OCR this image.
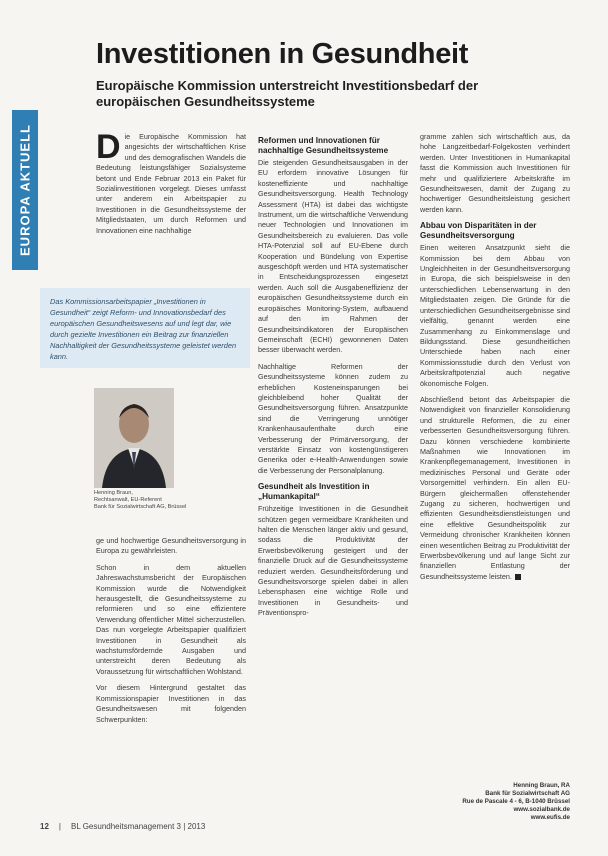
EUROPA AKTUELL
Investitionen in Gesundheit
Europäische Kommission unterstreicht Investitionsbedarf der europäischen Gesundheitssysteme

Die Europäische Kommission hat angesichts der wirtschaftlichen Krise und des demografischen Wandels die Bedeutung leistungsfähiger Sozialsysteme betont und Ende Februar 2013 ein Paket für Sozialinvestitionen vorgelegt. Dieses umfasst unter anderem ein Arbeitspapier zu Investitionen in die Gesundheitssysteme der Mitgliedstaaten, um durch Reformen und Innovationen eine nachhaltige

Das Kommissionsarbeitspapier „Investitionen in Gesundheit“ zeigt Reform- und Innovationsbedarf des europäischen Gesundheitswesens auf und legt dar, wie durch gezielte Investitionen ein Beitrag zur finanziellen Nachhaltigkeit der Gesundheitssysteme geleistet werden kann.
Henning Braun,
Rechtsanwalt, EU-Referent
Bank für Sozialwirtschaft AG, Brüssel

ge und hochwertige Gesundheitsversorgung in Europa zu gewährleisten.

Schon in dem aktuellen Jahreswachstumsbericht der Europäischen Kommission wurde die Notwendigkeit herausgestellt, die Gesundheitssysteme zu reformieren und so eine effizientere Verwendung öffentlicher Mittel sicherzustellen. Das nun vorgelegte Arbeitspapier qualifiziert Investitionen in Gesundheit als wachstumsfördernde Ausgaben und unterstreicht deren Bedeutung als Voraussetzung für wirtschaftlichen Wohlstand.

Vor diesem Hintergrund gestaltet das Kommissionspapier Investitionen in das Gesundheitswesen mit folgenden Schwerpunkten:

Reformen und Innovationen für nachhaltige Gesundheitssysteme

Die steigenden Gesundheitsausgaben in der EU erfordern innovative Lösungen für kosteneffiziente und nachhaltige Gesundheitsversorgung. Health Technology Assessment (HTA) ist dabei das wichtigste Instrument, um die wirtschaftliche Verwendung neuer Technologien und Innovationen im Gesundheitsbereich zu evaluieren. Das volle HTA-Potenzial soll auf EU-Ebene durch Kooperation und Bündelung von Expertise ausgeschöpft werden und HTA systematischer in Entscheidungsprozessen eingesetzt werden. Auch soll die Ausgabeneffizienz der europäischen Gesundheitssysteme durch ein europäisches Monitoring-System, aufbauend auf den im Rahmen der Gesundheitsindikatoren der Europäischen Gemeinschaft (ECHI) gewonnenen Daten besser überwacht werden.

Nachhaltige Reformen der Gesundheitssysteme können zudem zu erheblichen Kosteneinsparungen bei gleichbleibend hoher Qualität der Gesundheitsversorgung führen. Ansatzpunkte sind die Verringerung unnötiger Krankenhausaufenthalte durch eine Verbesserung der Primärversorgung, der verstärkte Einsatz von kostengünstigeren Generika oder e-Health-Anwendungen sowie die Verbesserung der Personalplanung.

Gesundheit als Investition in „Humankapital“

Frühzeitige Investitionen in die Gesundheit schützen gegen vermeidbare Krankheiten und halten die Menschen länger aktiv und gesund, sodass die Produktivität der Erwerbsbevölkerung gesteigert und der finanzielle Druck auf die Gesundheitssysteme reduziert werden. Gesundheitsförderung und Gesundheitsvorsorge spielen dabei in allen Lebensphasen eine wichtige Rolle und Investitionen in Gesundheits- und Präventionspro-

gramme zahlen sich wirtschaftlich aus, da hohe Langzeitbedarf-Folgekosten verhindert werden. Unter Investitionen in Humankapital fasst die Kommission auch Investitionen für mehr und qualifiziertere Arbeitskräfte im Gesundheitswesen, damit der Zugang zu hochwertiger Gesundheitsleistung gesichert werden kann.

Abbau von Disparitäten in der Gesundheitsversorgung

Einen weiteren Ansatzpunkt sieht die Kommission bei dem Abbau von Ungleichheiten in der Gesundheitsversorgung in Europa, die sich beispielsweise in den unterschiedlichen Lebenserwartung in den Mitgliedstaaten zeigen. Die Gründe für die unterschiedlichen Gesundheitsergebnisse sind vielfältig, genannt werden eine Zusammenhang zu Einkommenslage und Bildungsstand. Diese gesundheitlichen Unterschiede haben nach einer Kommissionsstudie durch den Verlust von Arbeitskraftpotenzial auch negative ökonomische Folgen.

Abschließend betont das Arbeitspapier die Notwendigkeit von finanzieller Konsolidierung und strukturelle Reformen, die zu einer verbesserten Gesundheitsversorgung führen. Dazu können verschiedene kombinierte Maßnahmen wie Innovationen im Krankenpflegemanagement, Investitionen in medizinisches Personal und Geräte oder Vorsorgemittel verhindern. Ein allen EU-Bürgern gleichermaßen offenstehender Zugang zu sicheren, hochwertigen und effizienten Gesundheitsdienstleistungen und eine effektive Gesundheitspolitik zur Vermeidung chronischer Krankheiten können einen wesentlichen Beitrag zu Produktivität der Erwerbsbevölkerung und auf lange Sicht zur finanziellen Entlastung der Gesundheitssysteme leisten.

Henning Braun, RA
Bank für Sozialwirtschaft AG
Rue de Pascale 4 - 6, B-1040 Brüssel
www.sozialbank.de
www.eufis.de
12 | BL Gesundheitsmanagement 3 | 2013
